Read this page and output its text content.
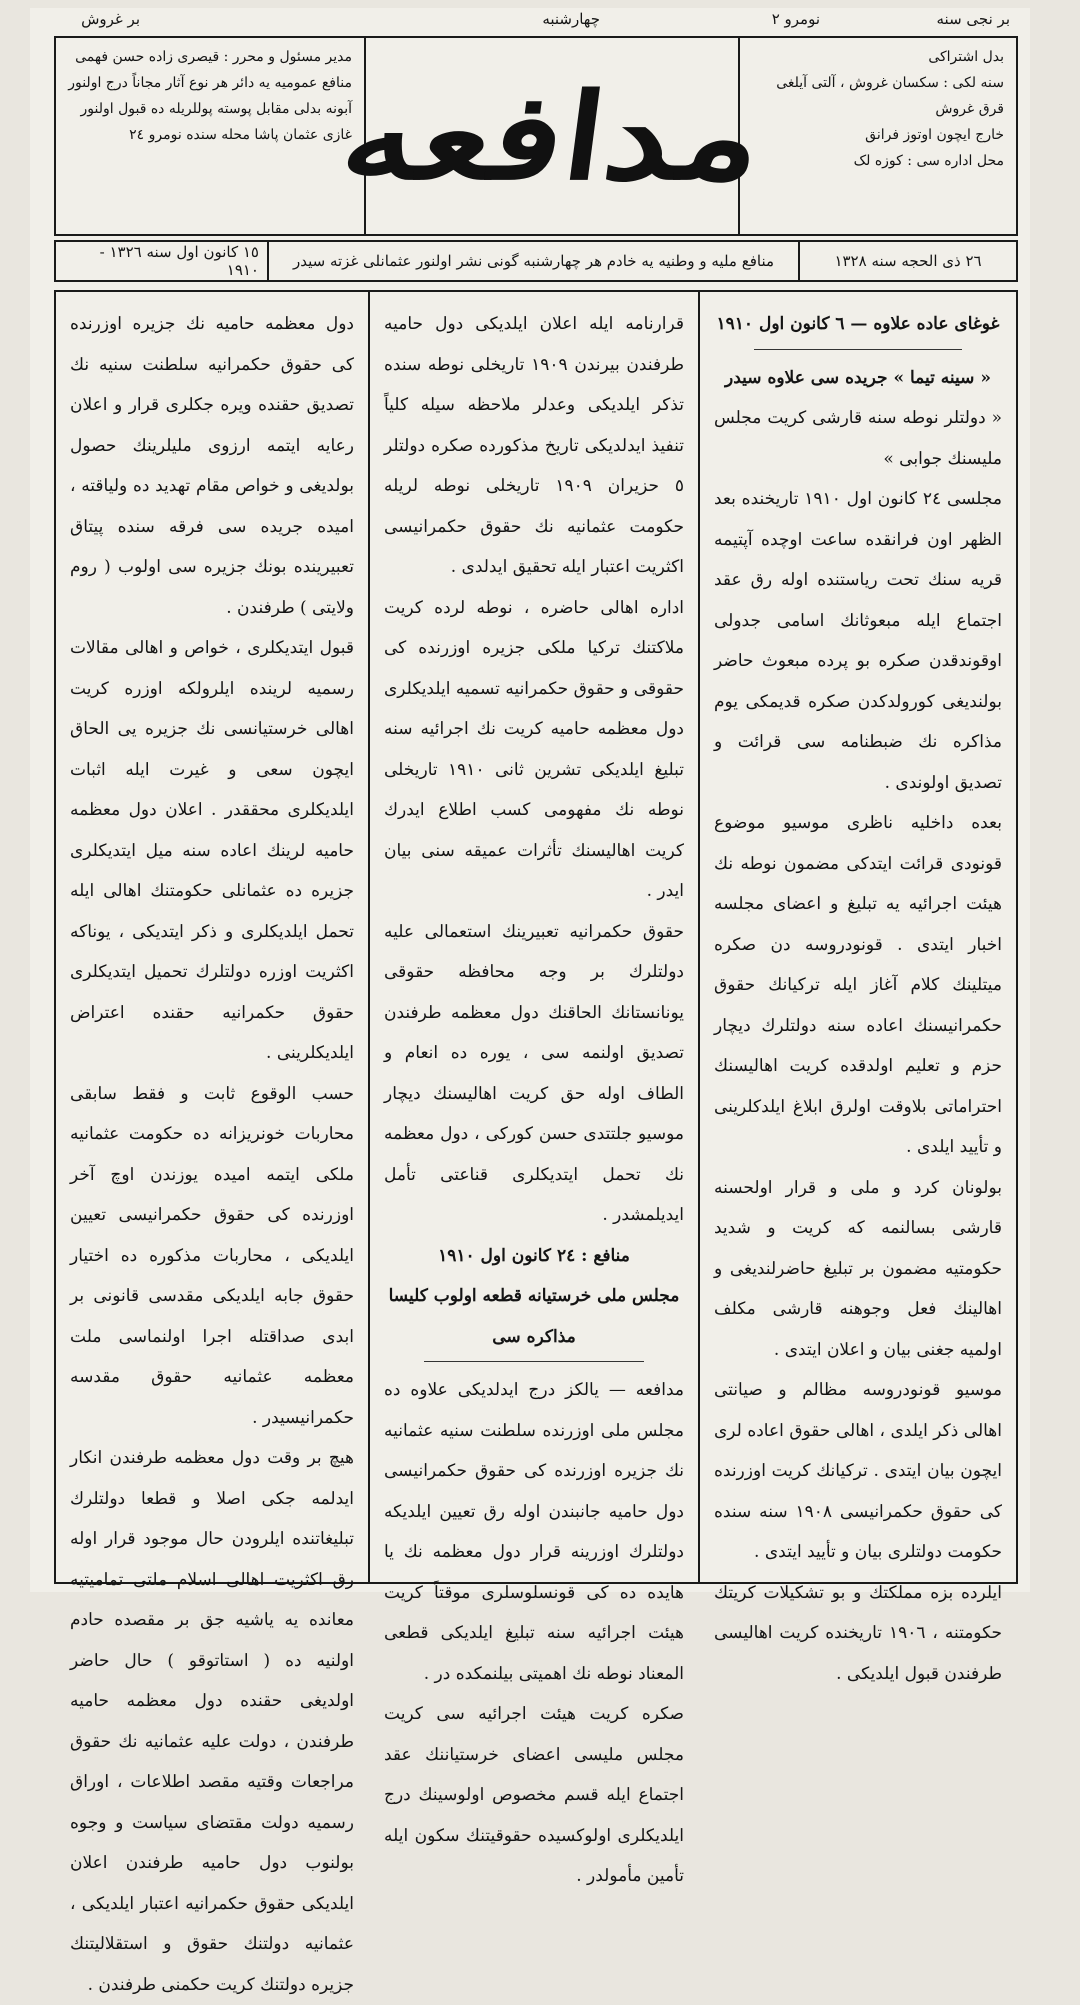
بر نجی سنه
نومرو ٢
چهارشنبه
بر غروش
مدیر مسئول و محرر : قیصری زاده حسن فهمی
منافع عمومیه یه دائر هر نوع آثار مجاناً درج اولنور
آبونه بدلی مقابل پوسته پوللریله ده قبول اولنور
غازی عثمان پاشا محله سنده نومرو ٢٤
مدافعه
بدل اشتراکی
سنه لکی : سکسان غروش ، آلتی آیلغی قرق غروش
خارج ایچون اوتوز فرانق
محل اداره سی : کوزه لک
١٥ كانون اول سنه ١٣٢٦ - ١٩١٠	منافع ملیه و وطنیه یه خادم هر چهارشنبه گونی نشر اولنور عثمانلی غزته سیدر	٢٦ ذی الحجه سنه ١٣٢٨

دول معظمه حامیه نك جزیره اوزرنده کی حقوق حکمرانیه سلطنت سنیه نك تصدیق حقنده ویره جکلری قرار و اعلان رعایه ایتمه ارزوی ملیلرینك حصول بولدیغی و خواص مقام تهدید ده ولیاقته ، امیده جریده سی فرقه سنده پیتاق تعبیرینده بونك جزیره سی اولوب ( روم ولایتی ) طرفندن .

قبول ایتدیکلری ، خواص و اهالی مقالات رسمیه لرینده ایلرولکه اوزره کریت اهالی خرستیانسی نك جزیره یی الحاق ایچون سعی و غیرت ایله اثبات ایلدیکلری محققدر . اعلان دول معظمه حامیه لرینك اعاده سنه میل ایتدیکلری جزیره ده عثمانلی حکومتنك اهالی ایله تحمل ایلدیکلری و ذکر ایتدیکی ، یوناکه اکثریت اوزره دولتلرك تحمیل ایتدیکلری حقوق حکمرانیه حقنده اعتراض ایلدیکلرینی .

حسب الوقوع ثابت و فقط سابقی محاربات خونریزانه ده حکومت عثمانیه ملکی ایتمه امیده یوزندن اوچ آخر اوزرنده کی حقوق حکمرانیسی تعیین ایلدیکی ، محاربات مذکوره ده اختیار حقوق جابه ایلدیکی مقدسی قانونی بر ابدی صداقتله اجرا اولنماسی ملت معظمه عثمانیه حقوق مقدسه حکمرانیسیدر .

هیچ بر وقت دول معظمه طرفندن انکار ایدلمه جکی اصلا و قطعا دولتلرك تبلیغاتنده ایلرودن حال موجود قرار اوله رق اکثریت اهالی اسلام ملتی تمامیتیه معانده یه یاشیه جق بر مقصده حادم اولنیه ده ( استاتوقو ) حال حاضر اولدیغی حقنده دول معظمه حامیه طرفندن ، دولت علیه عثمانیه نك حقوق مراجعات وقتیه مقصد اطلاعات ، اوراق رسمیه دولت مقتضای سیاست و وجوه بولنوب دول حامیه طرفندن اعلان ایلدیکی حقوق حکمرانیه اعتبار ایلدیکی ، عثمانیه دولتنك حقوق و استقلالیتنك جزیره دولتنك کریت حکمنی طرفندن .

قرارنامه ایله اعلان ایلدیکی دول حامیه طرفندن بیرندن ١٩٠٩ تاریخلی نوطه سنده تذکر ایلدیکی وعدلر ملاحظه سیله کلیاً تنفیذ ایدلدیکی تاریخ مذکورده صکره دولتلر ٥ حزیران ١٩٠٩ تاریخلی نوطه لریله حکومت عثمانیه نك حقوق حکمرانیسی اکثریت اعتبار ایله تحقیق ایدلدی .

اداره اهالی حاضره ، نوطه لرده کریت ملاکتنك ترکیا ملکی جزیره اوزرنده کی حقوقی و حقوق حکمرانیه تسمیه ایلدیکلری دول معظمه حامیه کریت نك اجرائیه سنه تبلیغ ایلدیکی تشرین ثانی ١٩١٠ تاریخلی نوطه نك مفهومی کسب اطلاع ایدرك کریت اهالیسنك تأثرات عمیقه سنی بیان ایدر .

حقوق حکمرانیه تعبیرینك استعمالی علیه دولتلرك بر وجه محافظه حقوقی یونانستانك الحاقنك دول معظمه طرفندن تصدیق اولنمه سی ، یوره ده انعام و الطاف اوله حق کریت اهالیسنك دیچار موسیو جلتتدی حسن کورکی ، دول معظمه نك تحمل ایتدیکلری قناعتی تأمل ایدیلمشدر .

منافع : ٢٤ كانون اول ١٩١٠

مجلس ملی خرستیانه قطعه اولوب کلیسا مذاکره سی

مدافعه — یالکز درج ایدلدیکی علاوه ده مجلس ملی اوزرنده سلطنت سنیه عثمانیه نك جزیره اوزرنده کی حقوق حکمرانیسی دول حامیه جانبندن اوله رق تعیین ایلدیکه دولتلرك اوزرینه قرار دول معظمه نك یا هایده ده کی قونسلوسلری موقتاً کریت هیئت اجرائیه سنه تبلیغ ایلدیکی قطعی المعناد نوطه نك اهمیتی بیلنمکده در .

صکره کریت هیئت اجرائیه سی کریت مجلس ملیسی اعضای خرستیاننك عقد اجتماع ایله قسم مخصوص اولوسینك درج ایلدیکلری اولوکسیده حقوقیتنك سکون ایله تأمین مأمولدر .

غوغای عاده علاوه — ٦ كانون اول ١٩١٠

« سینه تیما » جریده سی علاوه سیدر

« دولتلر نوطه سنه قارشی کریت مجلس ملیسنك جوابی »

مجلسی ٢٤ كانون اول ١٩١٠ تاریخنده بعد الظهر اون فرانقده ساعت اوچده آپتیمه قریه سنك تحت ریاستنده اوله رق عقد اجتماع ایله مبعوثانك اسامی جدولی اوقوندقدن صکره بو پرده مبعوث حاضر بولندیغی کورولدکدن صکره قدیمکی یوم مذاکره نك ضبطنامه سی قرائت و تصدیق اولوندی .

بعده داخلیه ناظری موسیو موضوع قونودی قرائت ایتدکی مضمون نوطه نك هیئت اجرائیه یه تبلیغ و اعضای مجلسه اخبار ایتدی . قونودروسه دن صکره میتلینك کلام آغاز ایله ترکیانك حقوق حکمرانیسنك اعاده سنه دولتلرك دیچار حزم و تعلیم اولدقده کریت اهالیسنك احتراماتی بلاوقت اولرق ابلاغ ایلدکلرینی و تأیید ایلدی .

بولونان کرد و ملی و قرار اولحسنه قارشی بسالنمه که کریت و شدید حکومتیه مضمون بر تبلیغ حاضرلندیغی و اهالینك فعل وجوهنه قارشی مکلف اولمیه جغنی بیان و اعلان ایتدی .

موسیو قونودروسه مظالم و صیانتی اهالی ذکر ایلدی ، اهالی حقوق اعاده لری ایچون بیان ایتدی . ترکیانك کریت اوزرنده کی حقوق حکمرانیسی ١٩٠٨ سنه سنده حکومت دولتلری بیان و تأیید ایتدی .

ایلرده بزه مملکتك و بو تشکیلات کریتك حکومتنه ، ١٩٠٦ تاریخنده کریت اهالیسی طرفندن قبول ایلدیکی .
